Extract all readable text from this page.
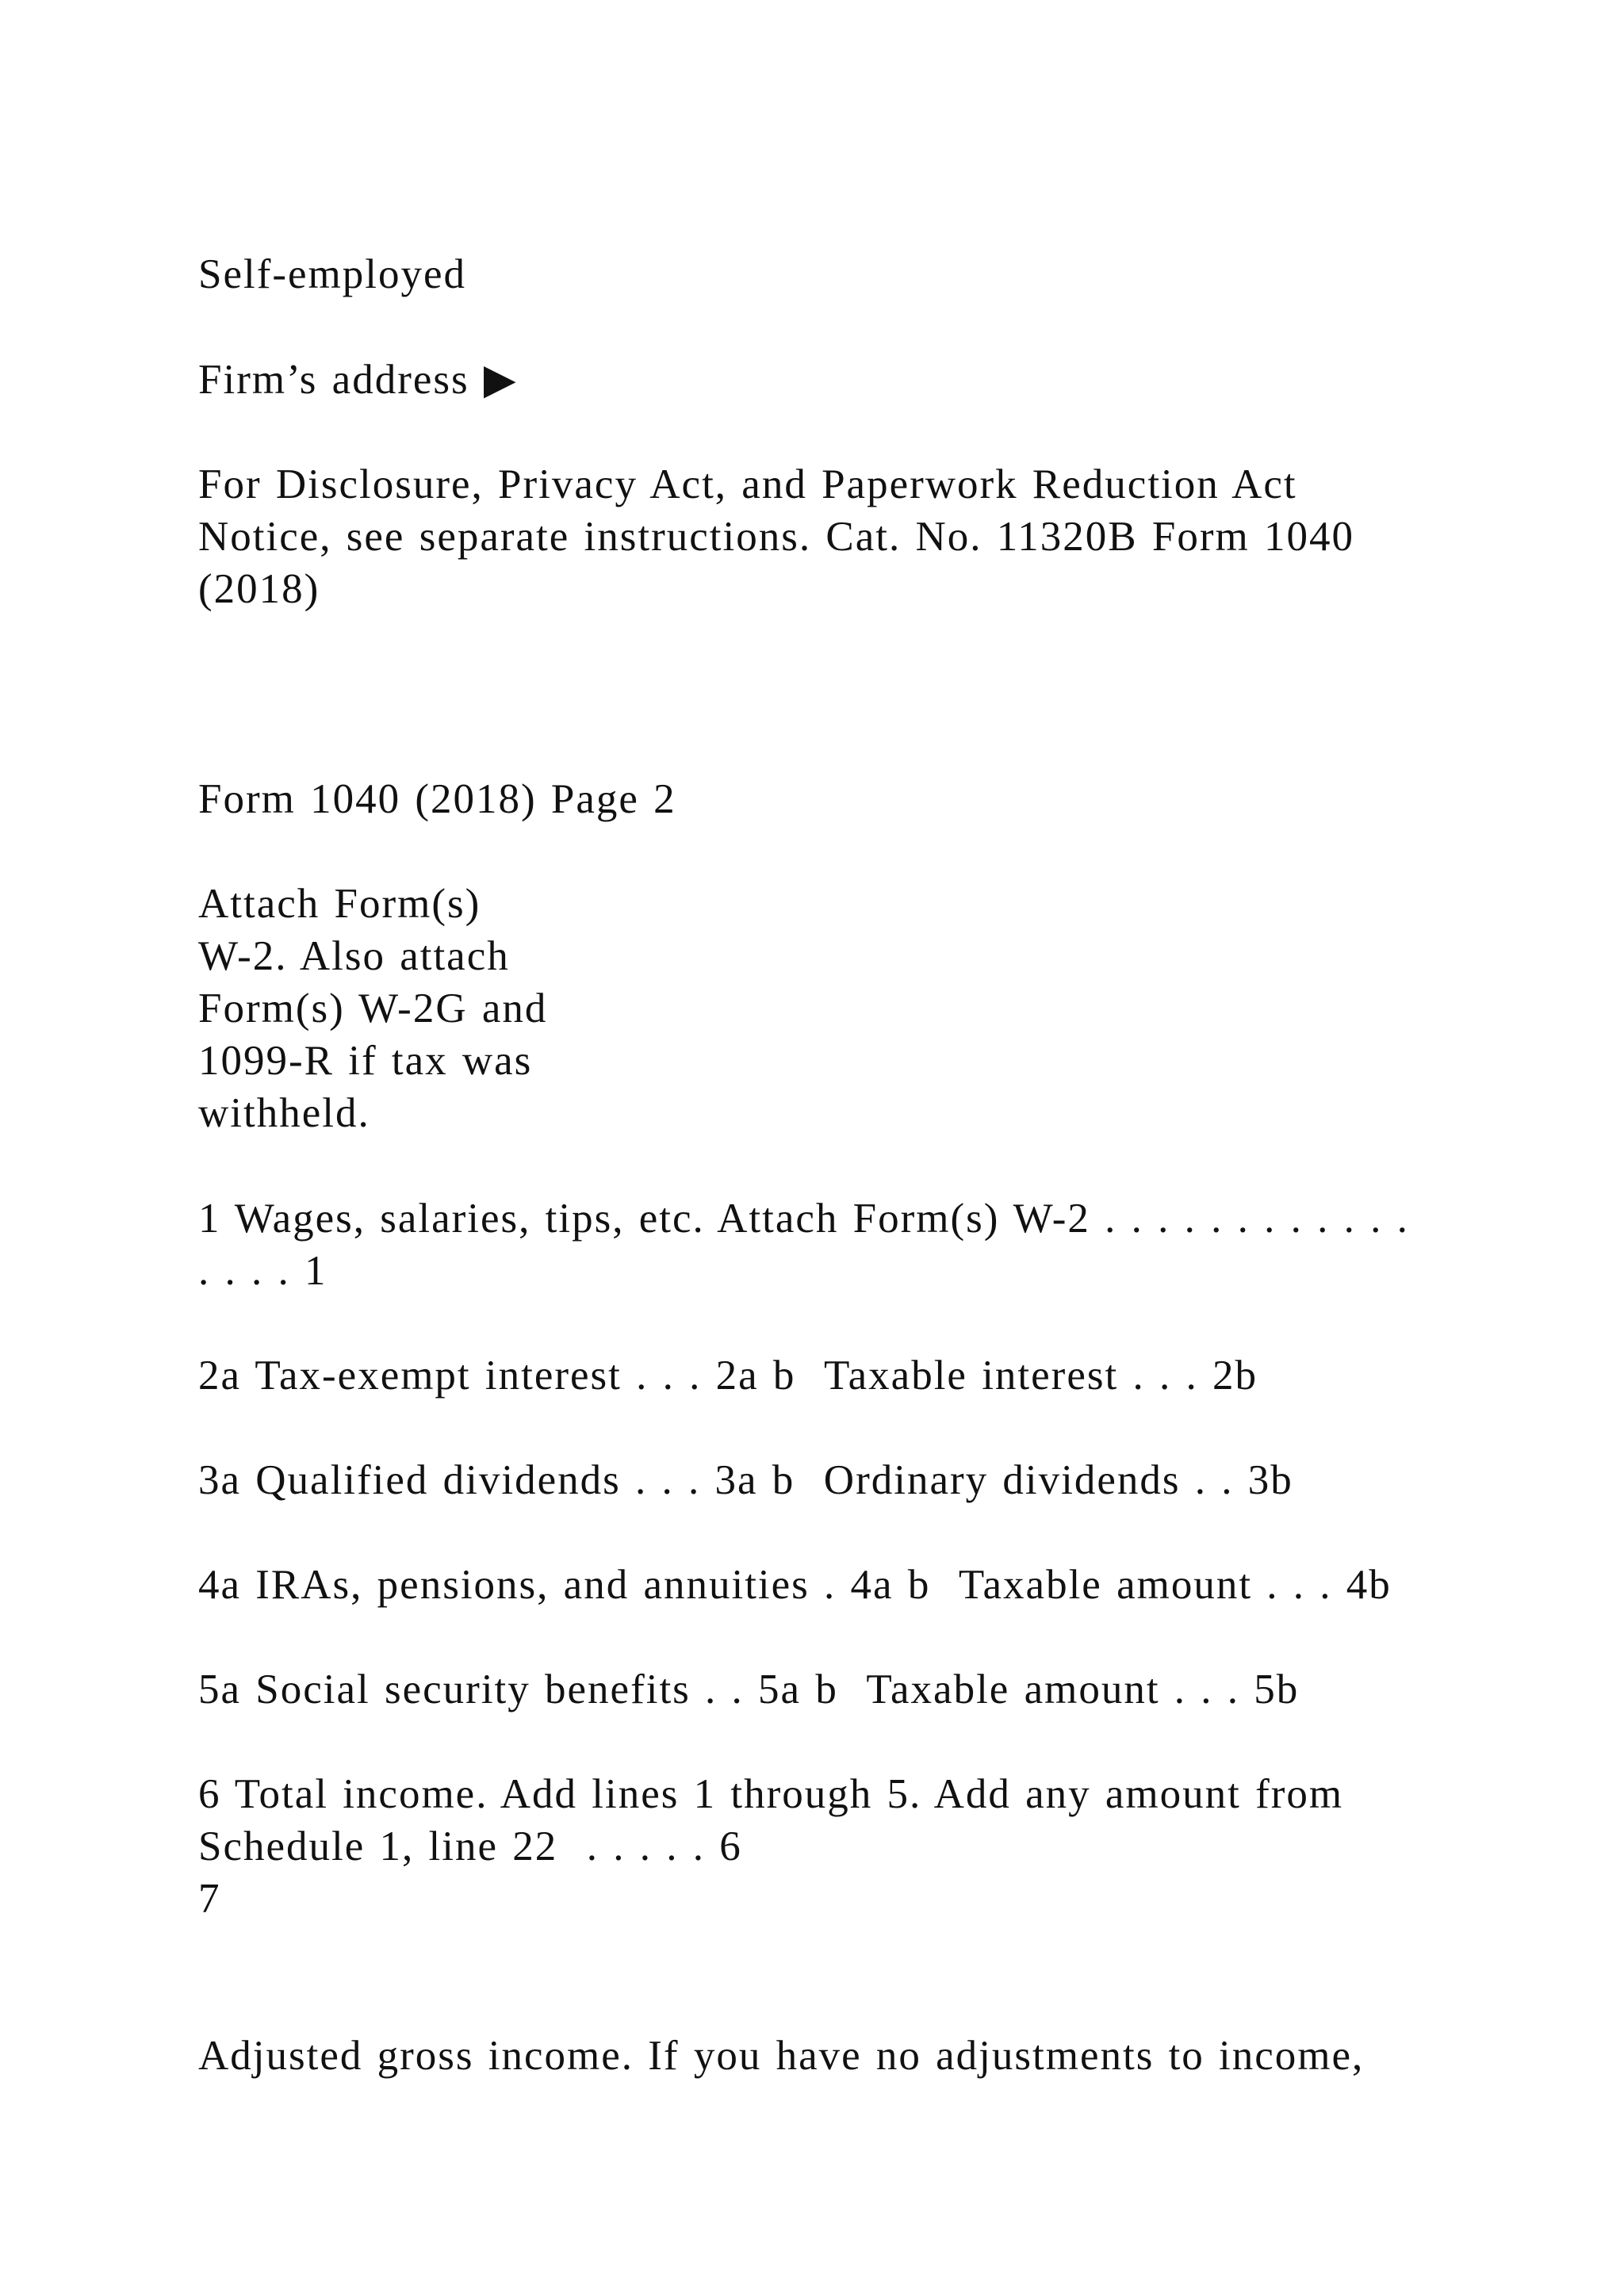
Self-employed
Firm’s address ▶
For Disclosure, Privacy Act, and Paperwork Reduction Act
Notice, see separate instructions. Cat. No. 11320B Form 1040
(2018)
Form 1040 (2018) Page 2
Attach Form(s)
W-2. Also attach
Form(s) W-2G and
1099-R if tax was
withheld.
1 Wages, salaries, tips, etc. Attach Form(s) W-2 . . . . . . . . . . . .
. . . . 1
2a Tax-exempt interest . . . 2a b  Taxable interest . . . 2b
3a Qualified dividends . . . 3a b  Ordinary dividends . . 3b
4a IRAs, pensions, and annuities . 4a b  Taxable amount . . . 4b
5a Social security benefits . . 5a b  Taxable amount . . . 5b
6 Total income. Add lines 1 through 5. Add any amount from
Schedule 1, line 22  . . . . . 6
7
Adjusted gross income. If you have no adjustments to income,
